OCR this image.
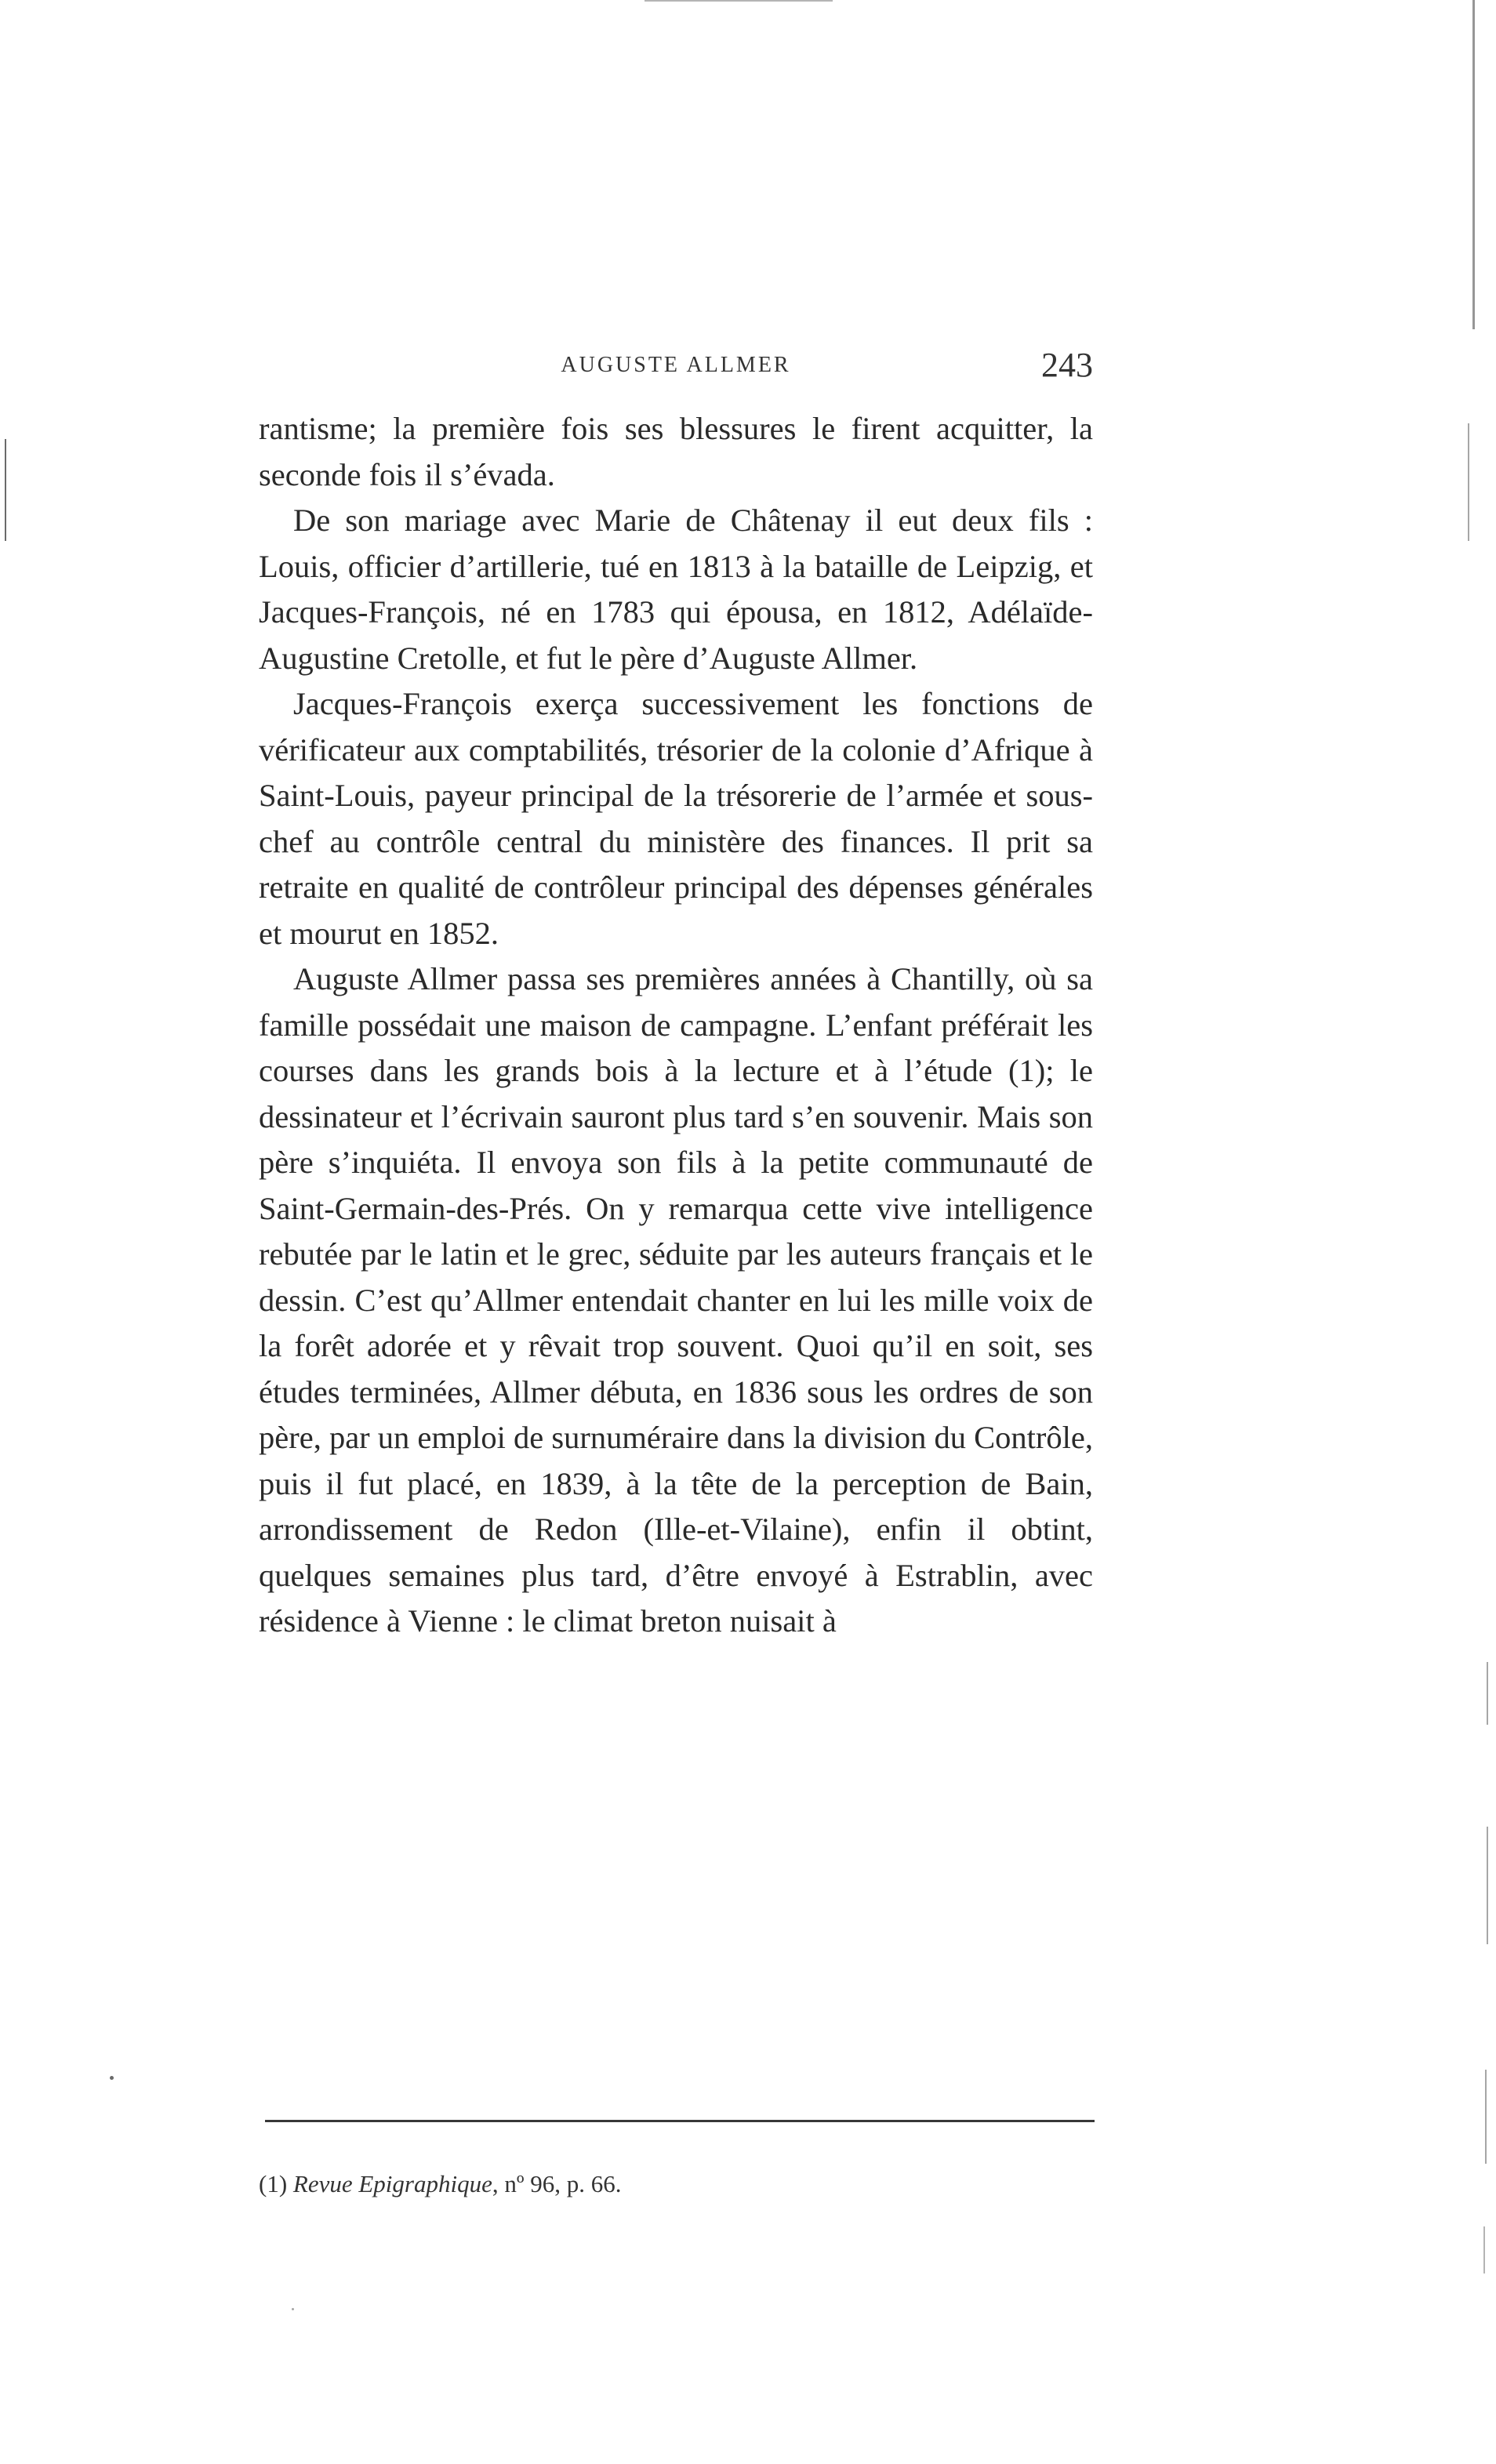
AUGUSTE ALLMER	243

rantisme; la première fois ses blessures le firent acquitter, la seconde fois il s’évada.

De son mariage avec Marie de Châtenay il eut deux fils : Louis, officier d’artillerie, tué en 1813 à la bataille de Leipzig, et Jacques-François, né en 1783 qui épousa, en 1812, Adélaïde-Augustine Cretolle, et fut le père d’Auguste Allmer.

Jacques-François exerça successivement les fonctions de vérificateur aux comptabilités, trésorier de la colonie d’Afrique à Saint-Louis, payeur principal de la trésorerie de l’armée et sous-chef au contrôle central du ministère des finances. Il prit sa retraite en qualité de contrôleur principal des dépenses générales et mourut en 1852.

Auguste Allmer passa ses premières années à Chantilly, où sa famille possédait une maison de campagne. L’enfant préférait les courses dans les grands bois à la lecture et à l’étude (1); le dessinateur et l’écrivain sauront plus tard s’en souvenir. Mais son père s’inquiéta. Il envoya son fils à la petite communauté de Saint-Germain-des-Prés. On y remarqua cette vive intelligence rebutée par le latin et le grec, séduite par les auteurs français et le dessin. C’est qu’Allmer entendait chanter en lui les mille voix de la forêt adorée et y rêvait trop souvent. Quoi qu’il en soit, ses études terminées, Allmer débuta, en 1836 sous les ordres de son père, par un emploi de surnuméraire dans la division du Contrôle, puis il fut placé, en 1839, à la tête de la perception de Bain, arrondissement de Redon (Ille-et-Vilaine), enfin il obtint, quelques semaines plus tard, d’être envoyé à Estrablin, avec résidence à Vienne : le climat breton nuisait à

(1) Revue Epigraphique, nº 96, p. 66.
